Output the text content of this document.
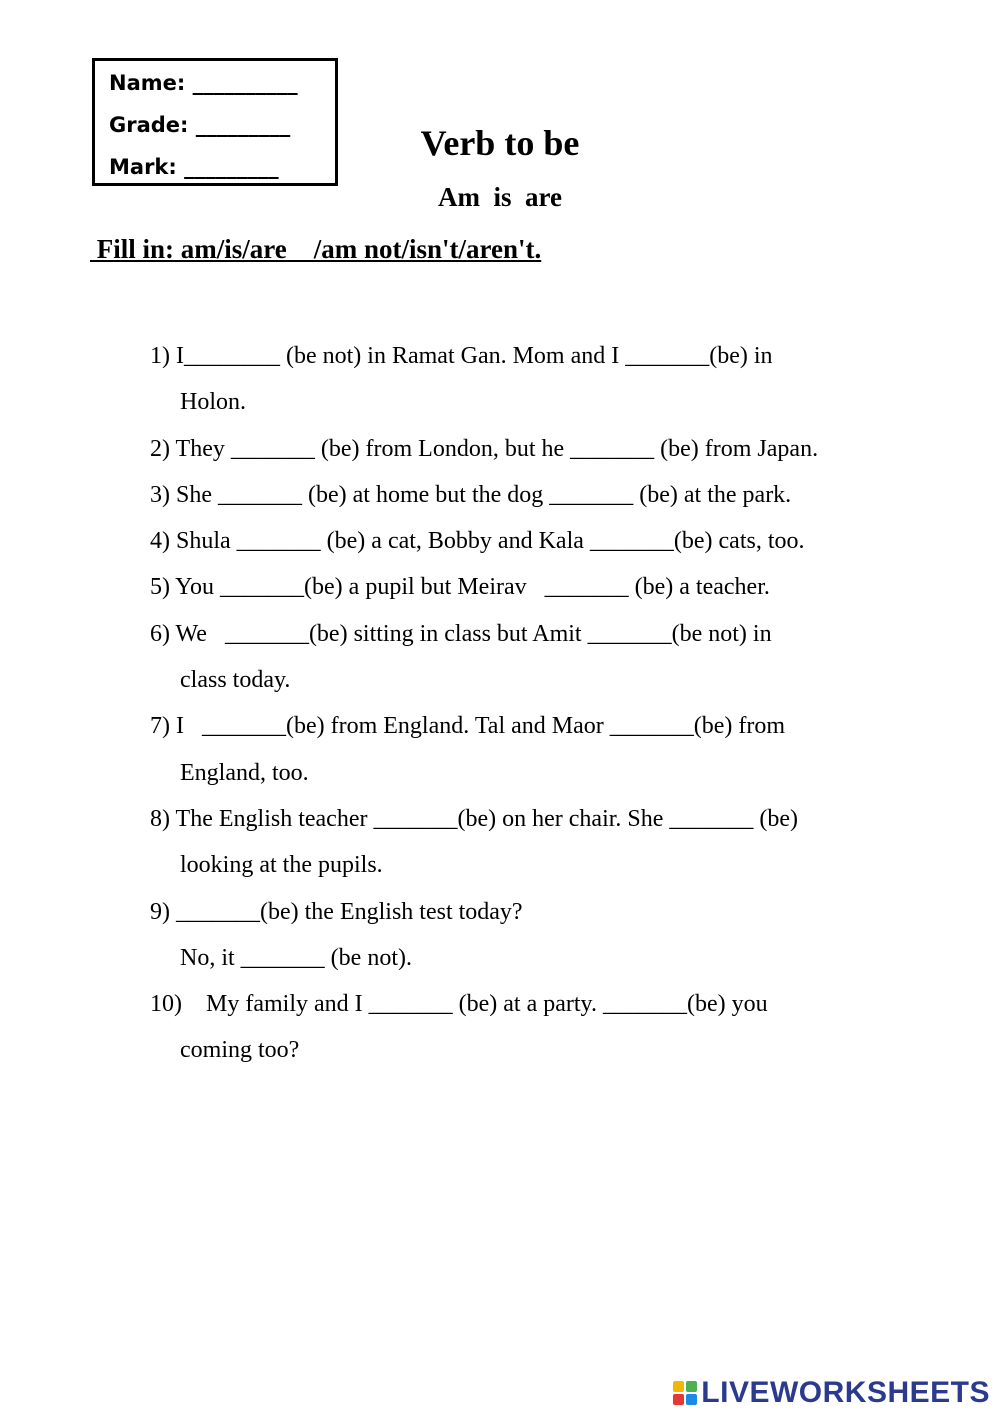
Name: __________
Grade: _________
Mark: _________
Verb to be
Am  is  are
Fill in: am/is/are    /am not/isn't/aren't.
1) I________ (be not) in Ramat Gan. Mom and I _______(be) in
Holon.
2) They _______ (be) from London, but he _______ (be) from Japan.
3) She _______ (be) at home but the dog _______ (be) at the park.
4) Shula _______ (be) a cat, Bobby and Kala _______(be) cats, too.
5) You _______(be) a pupil but Meirav   _______ (be) a teacher.
6) We   _______(be) sitting in class but Amit _______(be not) in
class today.
7) I   _______(be) from England. Tal and Maor _______(be) from
England, too.
8) The English teacher _______(be) on her chair. She _______ (be)
looking at the pupils.
9) _______(be) the English test today?
No, it _______ (be not).
10)    My family and I _______ (be) at a party. _______(be) you
coming too?
LIVEWORKSHEETS
